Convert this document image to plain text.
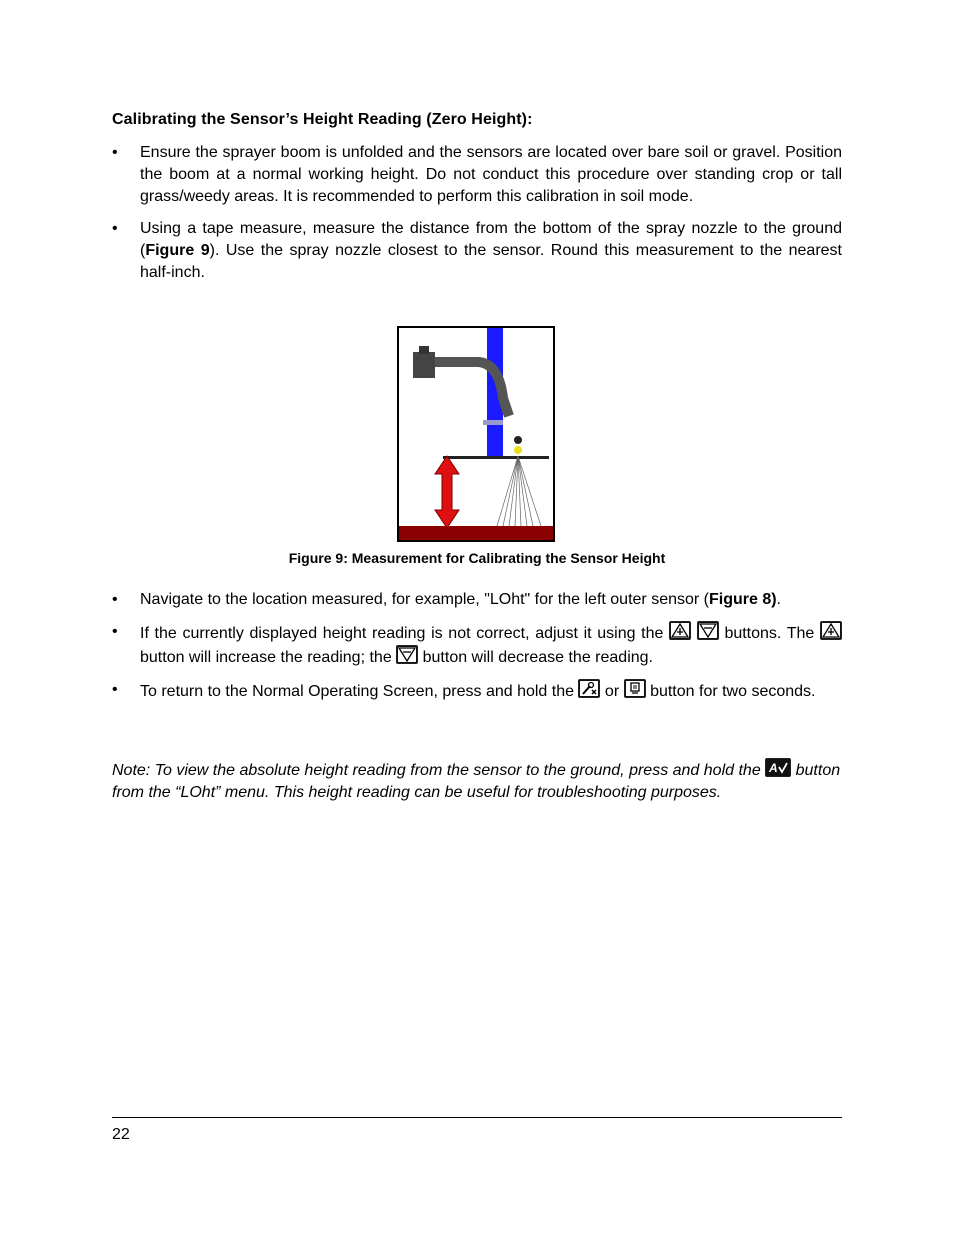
Calibrating the Sensor’s Height Reading (Zero Height):
• Ensure the sprayer boom is unfolded and the sensors are located over bare soil or gravel. Position the boom at a normal working height. Do not conduct this procedure over standing crop or tall grass/weedy areas. It is recommended to perform this calibration in soil mode.
• Using a tape measure, measure the distance from the bottom of the spray nozzle to the ground (Figure 9). Use the spray nozzle closest to the sensor. Round this measurement to the nearest half-inch.
Figure 9: Measurement for Calibrating the Sensor Height
• Navigate to the location measured, for example, "LOht" for the left outer sensor (Figure 8).
• If the currently displayed height reading is not correct, adjust it using the
	buttons. The
button will increase the reading; the button will decrease the reading.
• To return to the Normal Operating Screen, press and hold the or button for two seconds.
Note: To view the absolute height reading from the sensor to the ground, press and hold the A button from the “LOht” menu. This height reading can be useful for troubleshooting purposes.
22
